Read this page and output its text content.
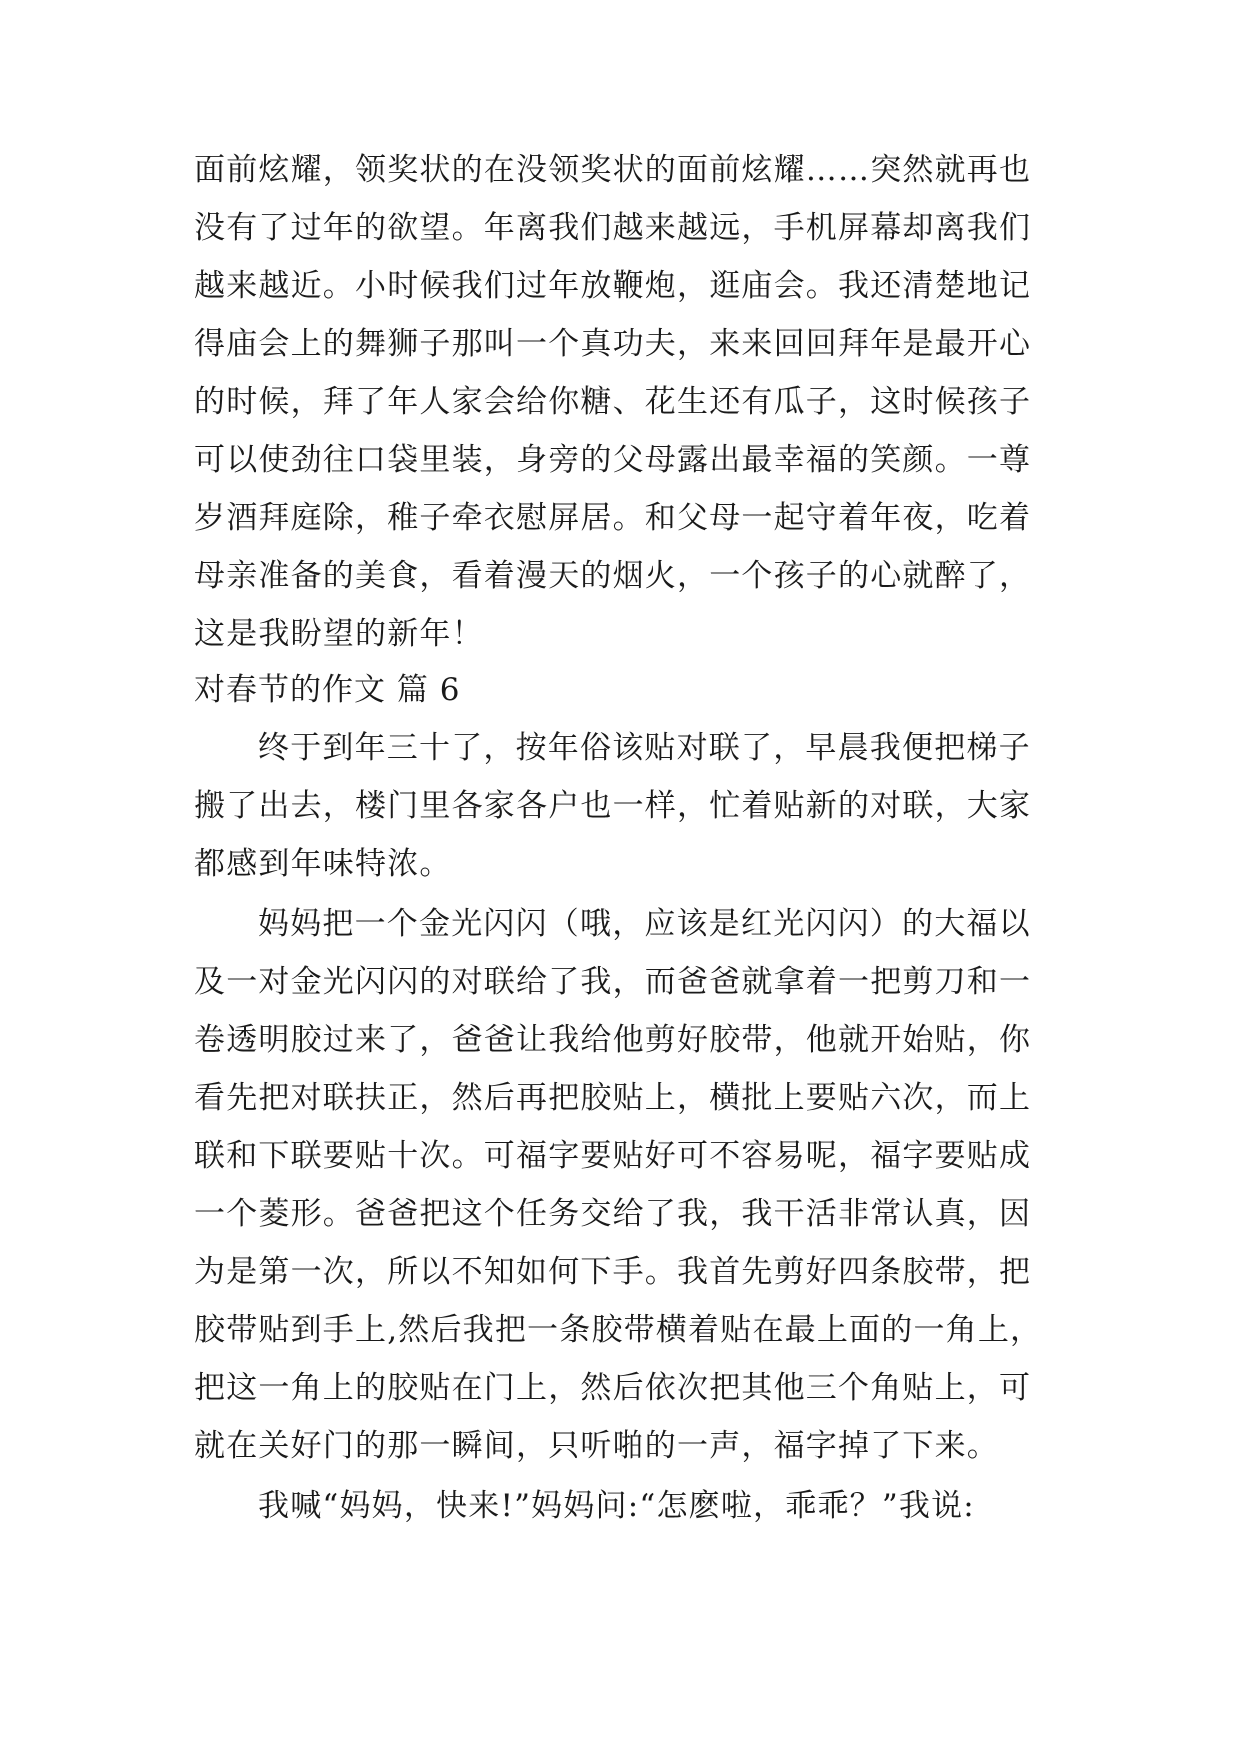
面前炫耀，领奖状的在没领奖状的面前炫耀……突然就再也
没有了过年的欲望。年离我们越来越远，手机屏幕却离我们
越来越近。小时候我们过年放鞭炮，逛庙会。我还清楚地记
得庙会上的舞狮子那叫一个真功夫，来来回回拜年是最开心
的时候，拜了年人家会给你糖、花生还有瓜子，这时候孩子
可以使劲往口袋里装，身旁的父母露出最幸福的笑颜。一尊
岁酒拜庭除，稚子牵衣慰屏居。和父母一起守着年夜，吃着
母亲准备的美食，看着漫天的烟火，一个孩子的心就醉了，
这是我盼望的新年！
对春节的作文 篇 6
终于到年三十了，按年俗该贴对联了，早晨我便把梯子
搬了出去，楼门里各家各户也一样，忙着贴新的对联，大家
都感到年味特浓。
妈妈把一个金光闪闪（哦，应该是红光闪闪）的大福以
及一对金光闪闪的对联给了我，而爸爸就拿着一把剪刀和一
卷透明胶过来了，爸爸让我给他剪好胶带，他就开始贴，你
看先把对联扶正，然后再把胶贴上，横批上要贴六次，而上
联和下联要贴十次。可福字要贴好可不容易呢，福字要贴成
一个菱形。爸爸把这个任务交给了我，我干活非常认真，因
为是第一次，所以不知如何下手。我首先剪好四条胶带，把
胶带贴到手上,然后我把一条胶带横着贴在最上面的一角上，
把这一角上的胶贴在门上，然后依次把其他三个角贴上，可
就在关好门的那一瞬间，只听啪的一声，福字掉了下来。
我喊“妈妈，快来!”妈妈问:“怎麽啦，乖乖？”我说:
